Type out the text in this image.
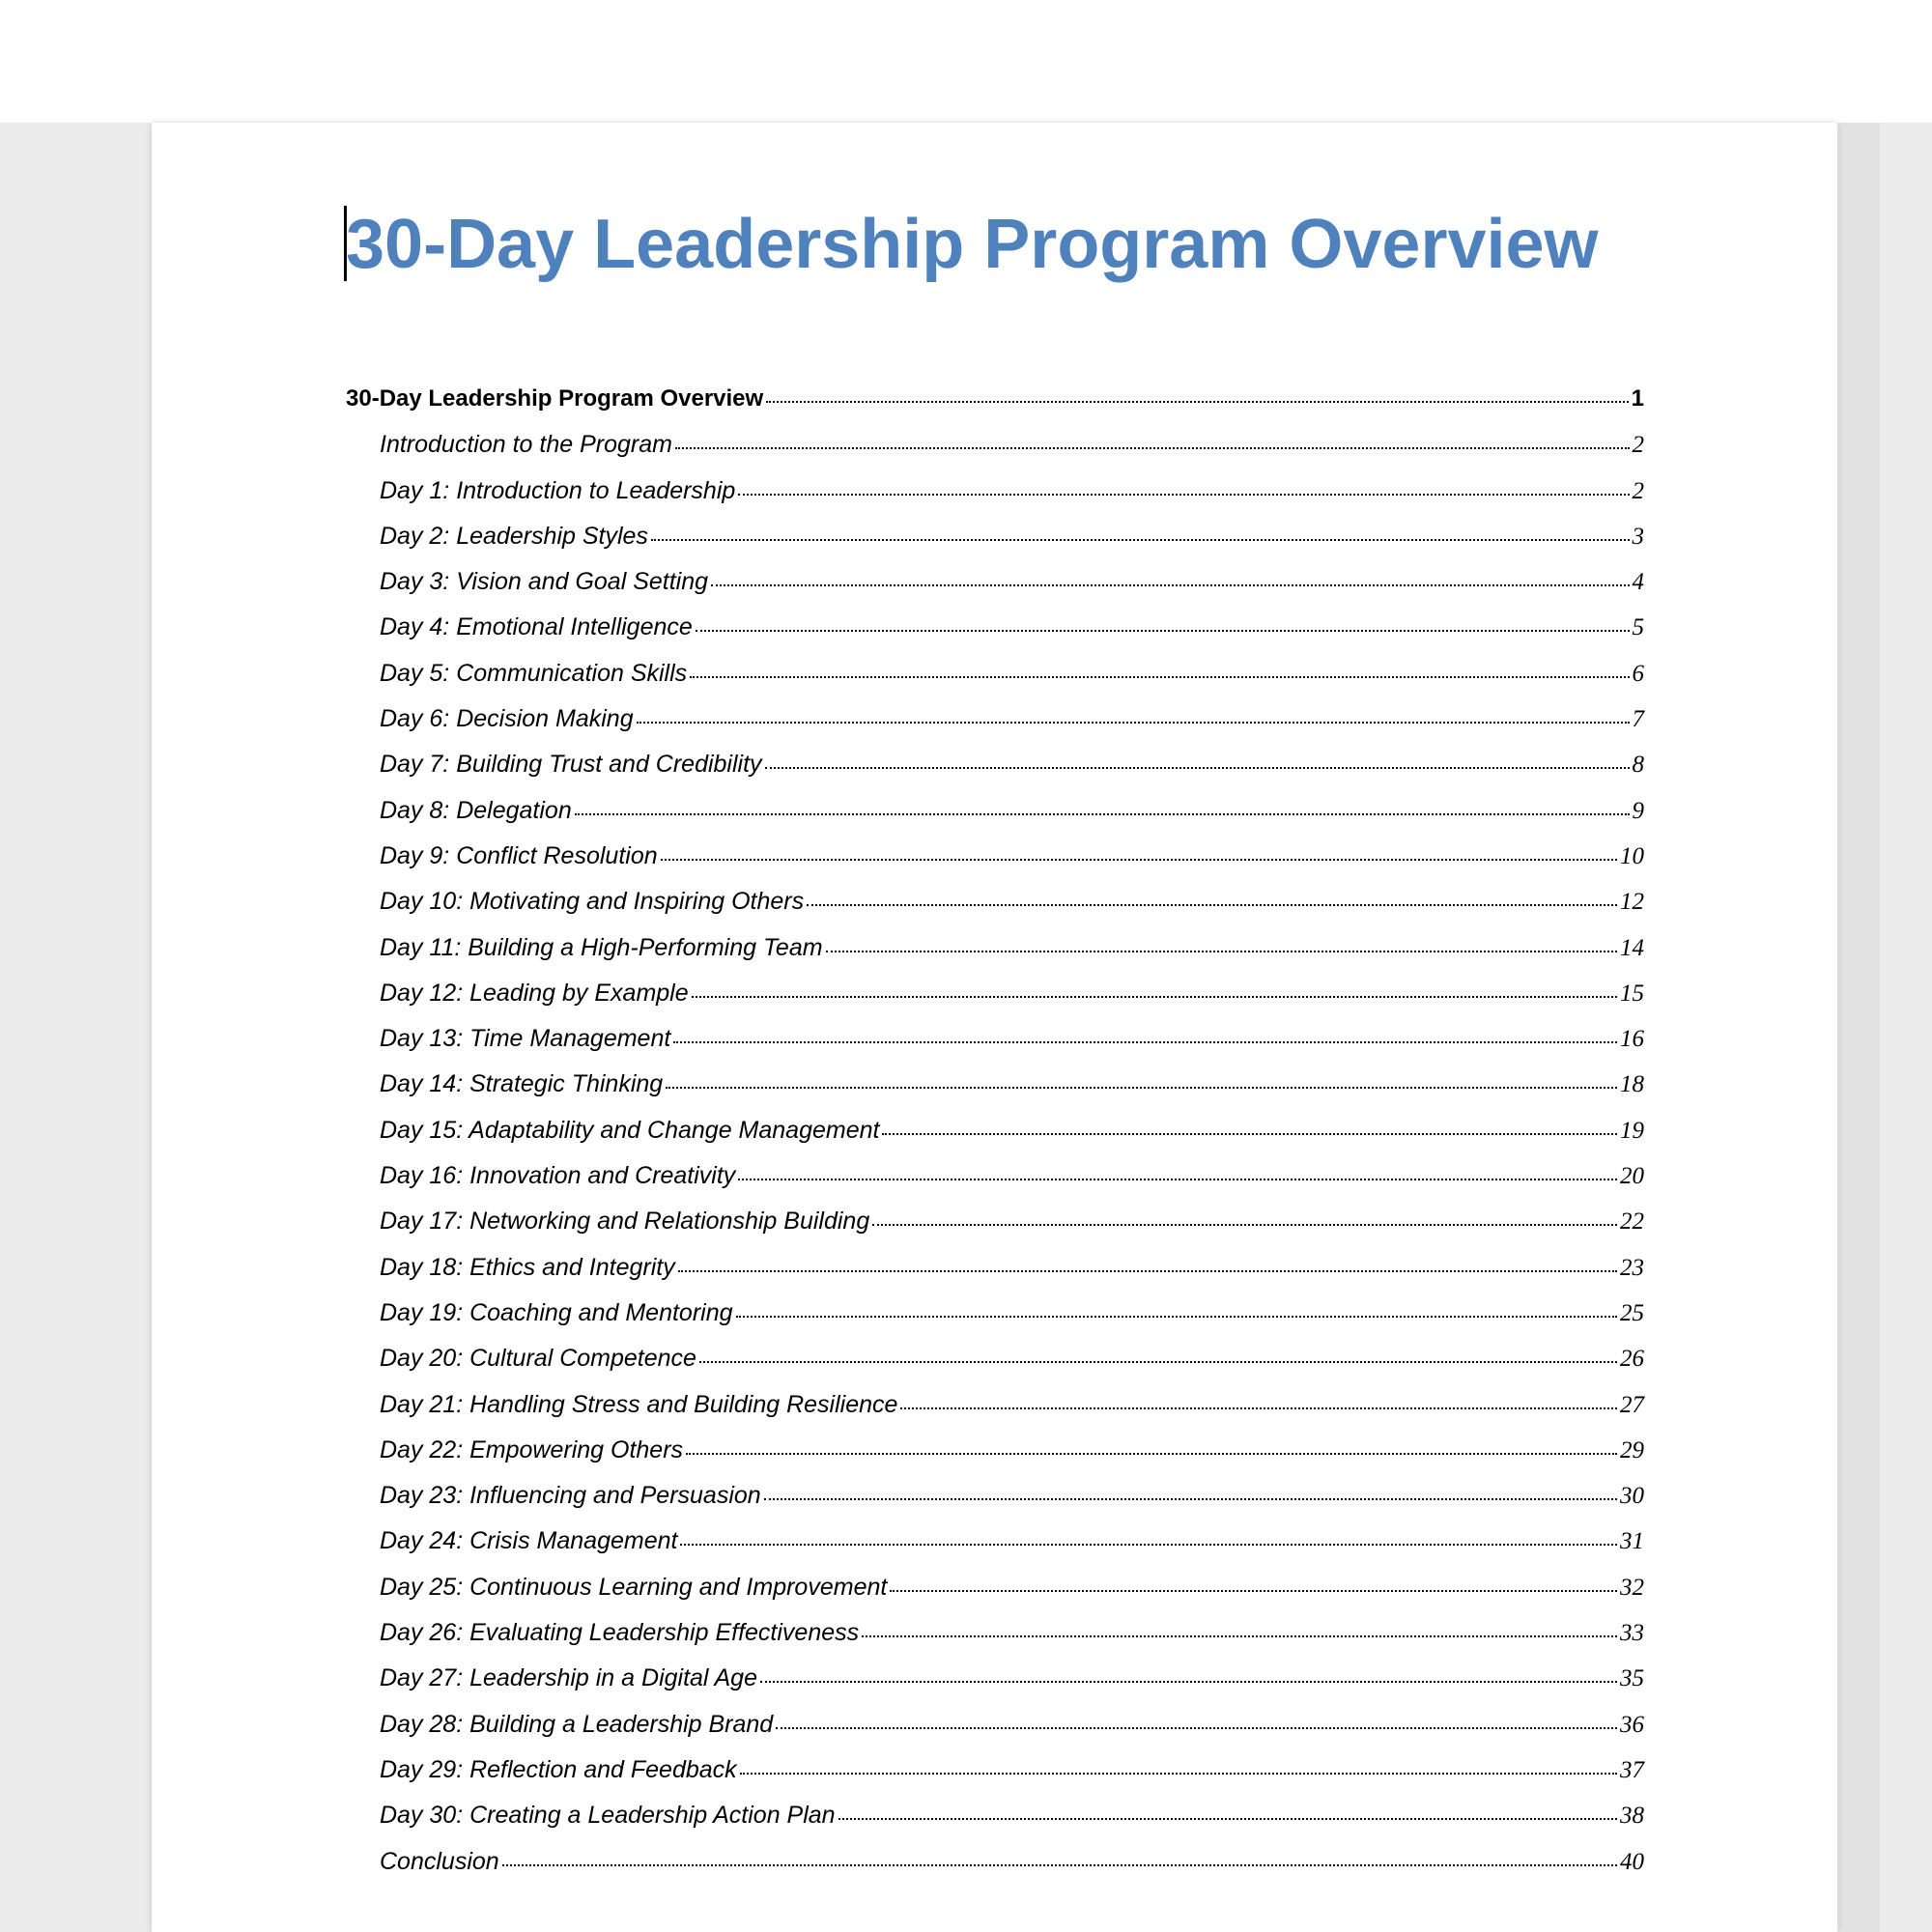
30-Day Leadership Program Overview
30-Day Leadership Program Overview	1
Introduction to the Program	2
Day 1: Introduction to Leadership	2
Day 2: Leadership Styles	3
Day 3: Vision and Goal Setting	4
Day 4: Emotional Intelligence	5
Day 5: Communication Skills	6
Day 6: Decision Making	7
Day 7: Building Trust and Credibility	8
Day 8: Delegation	9
Day 9: Conflict Resolution	10
Day 10: Motivating and Inspiring Others	12
Day 11: Building a High-Performing Team	14
Day 12: Leading by Example	15
Day 13: Time Management	16
Day 14: Strategic Thinking	18
Day 15: Adaptability and Change Management	19
Day 16: Innovation and Creativity	20
Day 17: Networking and Relationship Building	22
Day 18: Ethics and Integrity	23
Day 19: Coaching and Mentoring	25
Day 20: Cultural Competence	26
Day 21: Handling Stress and Building Resilience	27
Day 22: Empowering Others	29
Day 23: Influencing and Persuasion	30
Day 24: Crisis Management	31
Day 25: Continuous Learning and Improvement	32
Day 26: Evaluating Leadership Effectiveness	33
Day 27: Leadership in a Digital Age	35
Day 28: Building a Leadership Brand	36
Day 29: Reflection and Feedback	37
Day 30: Creating a Leadership Action Plan	38
Conclusion	40
